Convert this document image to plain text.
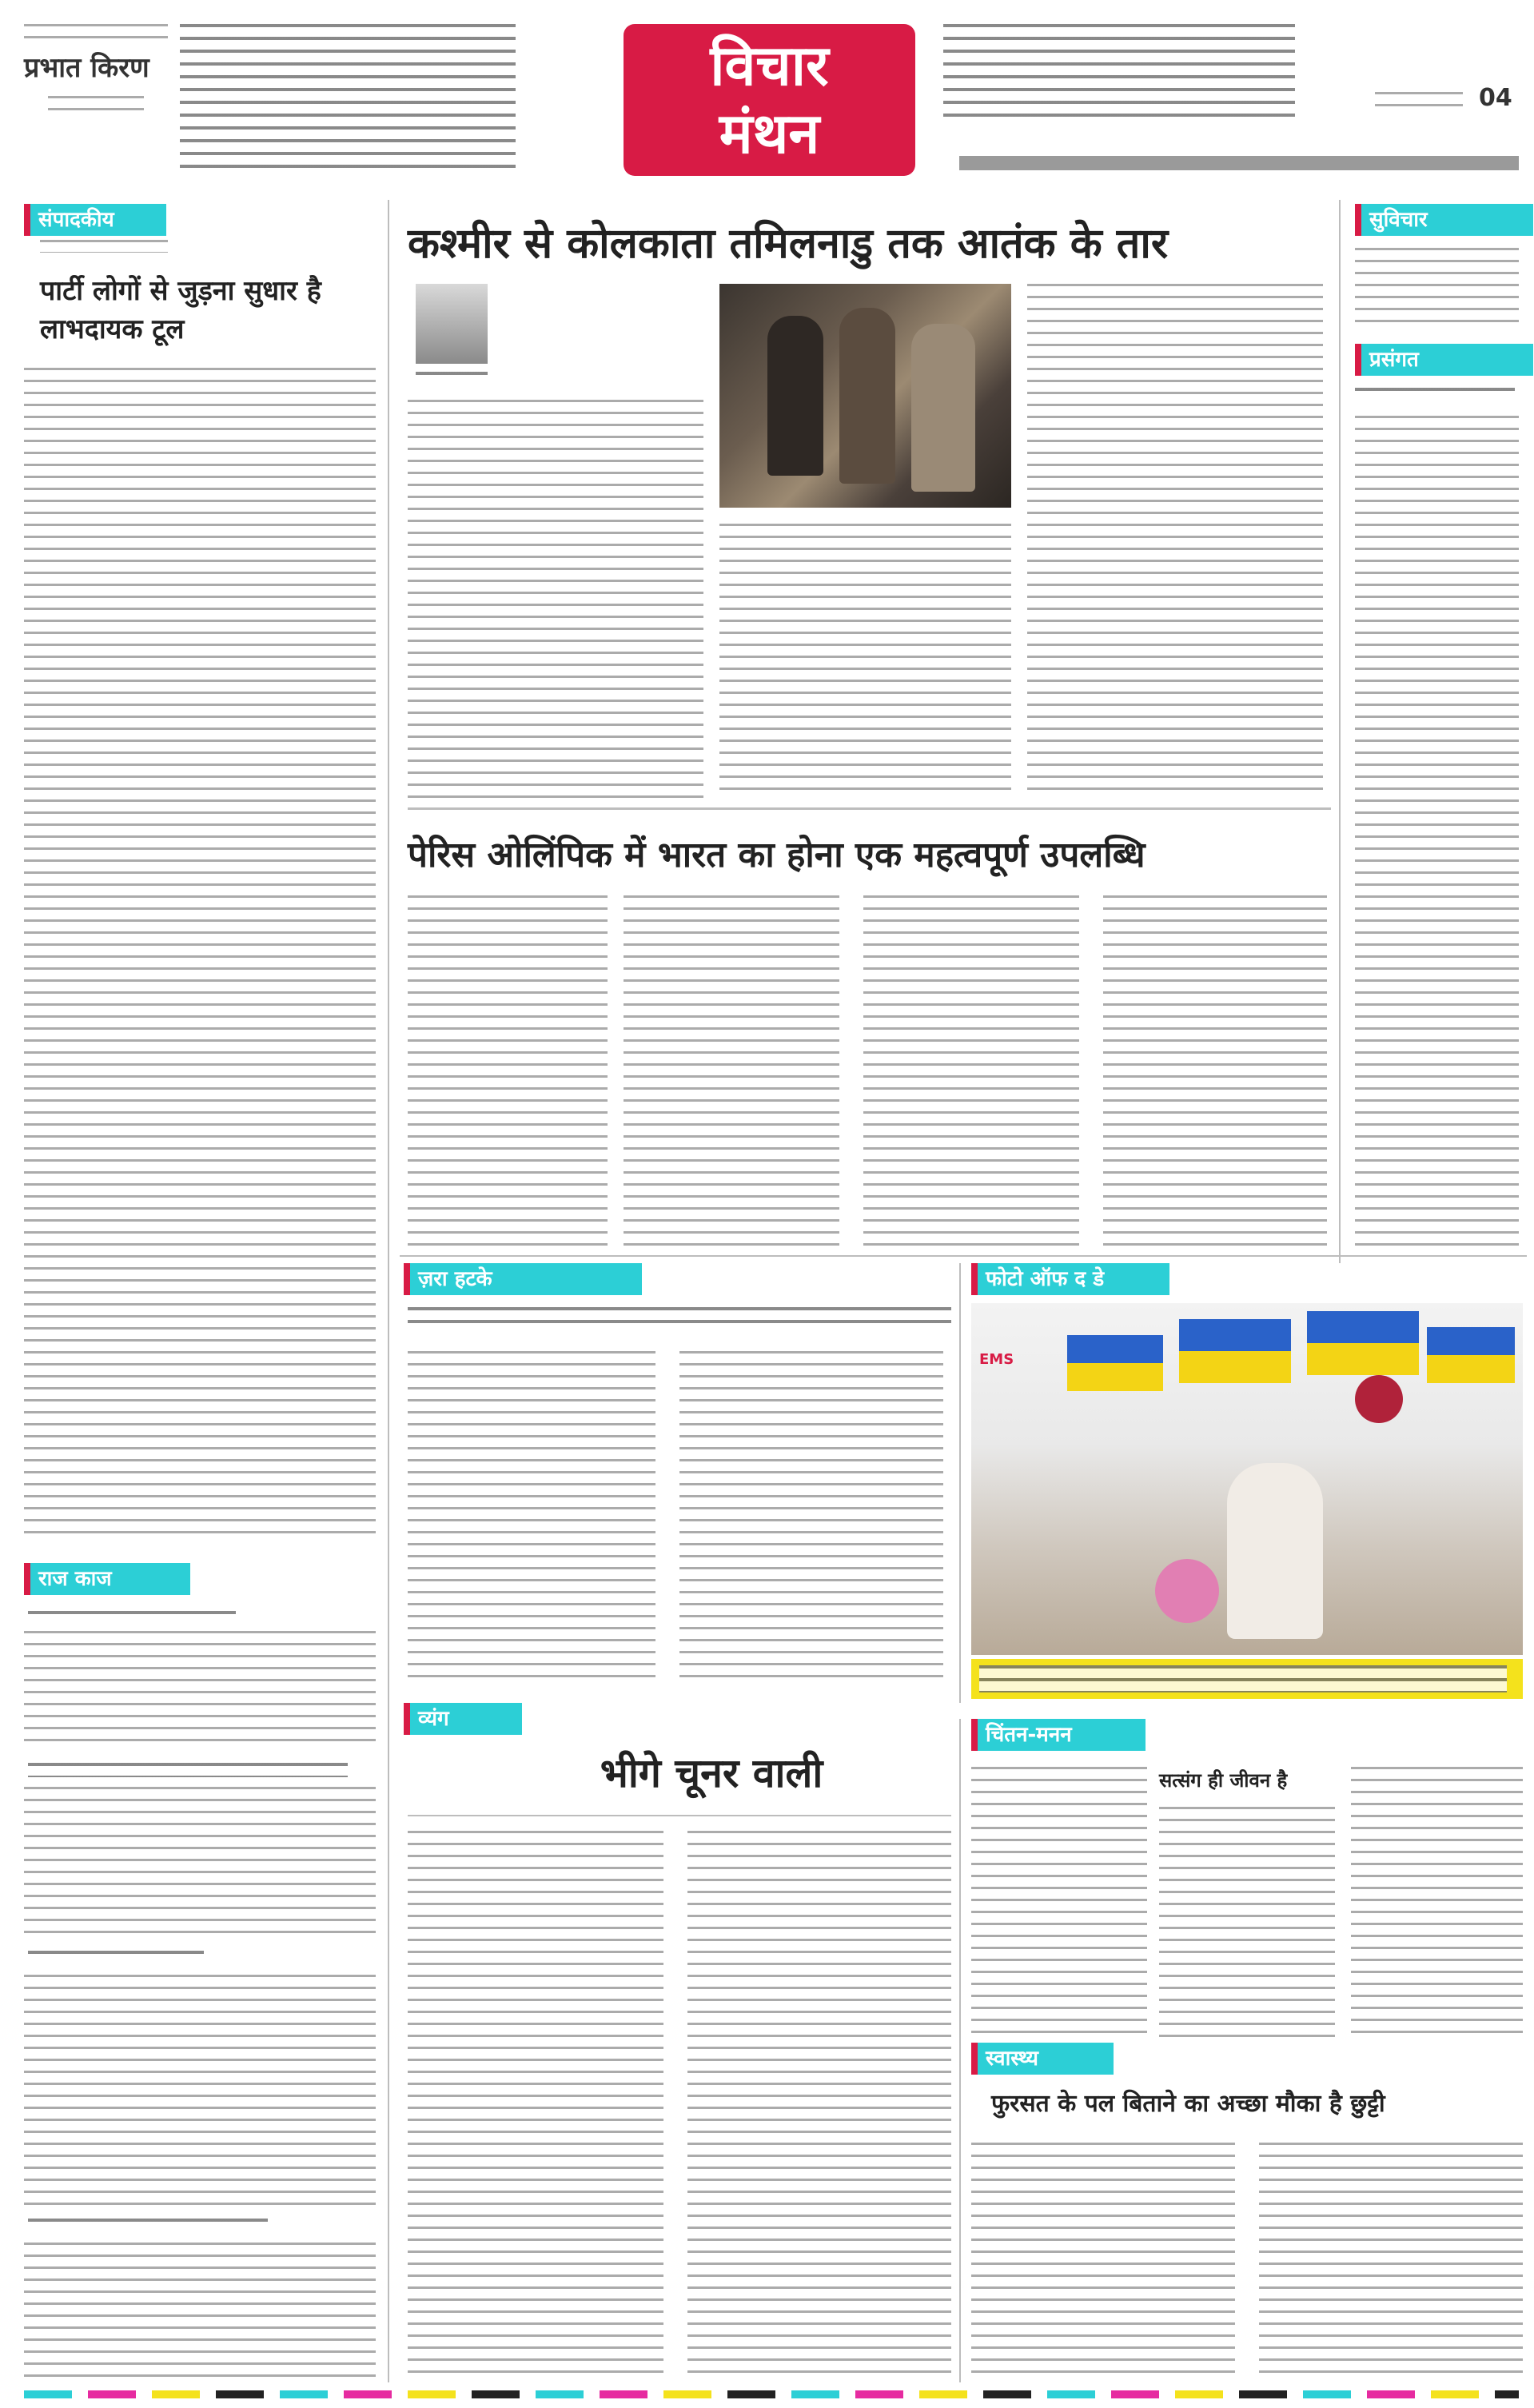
प्रभात किरण	विचार
मंथन
04
संपादकीय
पार्टी लोगों से जुड़ना सुधार है लाभदायक टूल
राज काज
कश्मीर से कोलकाता तमिलनाडु तक आतंक के तार
पेरिस ओलिंपिक में भारत का होना एक महत्वपूर्ण उपलब्धि
सुविचार
प्रसंगत
ज़रा हटके	फोटो ऑफ द डे
EMS
व्यंग
भीगे चूनर वाली
चिंतन-मनन
सत्संग ही जीवन है
स्वास्थ्य
फुरसत के पल बिताने का अच्छा मौका है छुट्टी
